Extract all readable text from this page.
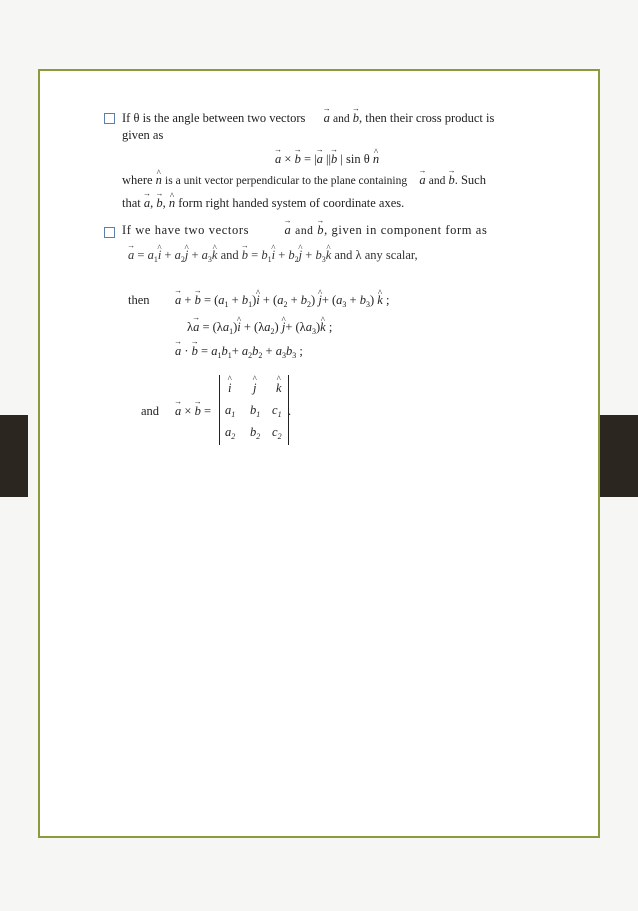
If θ is the angle between two vectors a → and b →, then their cross product is
given as
a → × b → = |a → ||b → | sin θ n ^
where n ^ is a unit vector perpendicular to the plane containing a → and b →. Such
that a →, b →, n ^ form right handed system of coordinate axes.
If we have two vectors	a → and b →, given in component form as
a → = $a_1i$ ^ + $a_2j$ ^ + $a_3k$ ^ and b → = $b_1i$ ^ + $b_2j$ ^ + $b_3k$ ^ and λ any scalar,
then a → + b → = $(a_1 + b_1)i$ ^ + $(a_2 + b_2)$ j ^+ $(a_3 + b_3)$ k ^ ;
λa → = $(\lambda a_1)i$ ^ + $(\lambda a_2)$ j ^+ $(\lambda a_3)k$ ^ ;
a → · b → = $a_1b_1+ a_2b_2 + a_3b_3$ ;
and a → × b → =
i ^ j ^ k ^
$a_1$ $b_1$ $c_1$
$a_2$ $b_2$ $c_2$
.
